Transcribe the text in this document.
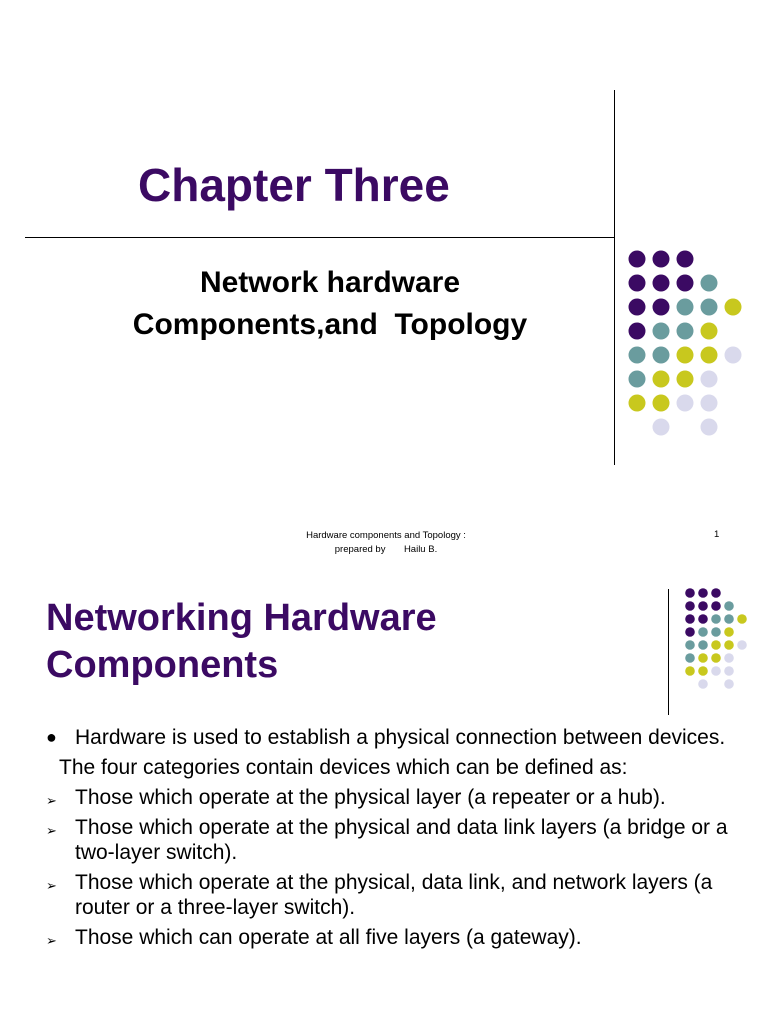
Chapter Three
Network hardware
Components,and  Topology
Hardware components and Topology :
prepared by       Hailu B.
1
Networking Hardware
Components
● Hardware is used to establish a physical connection between devices.
The four categories contain devices which can be defined as:
➢ Those which operate at the physical layer (a repeater or a hub).
➢ Those which operate at the physical and data link layers (a bridge or a two-layer switch).
➢ Those which operate at the physical, data link, and network layers (a router or a three-layer switch).
➢ Those which can operate at all five layers (a gateway).
